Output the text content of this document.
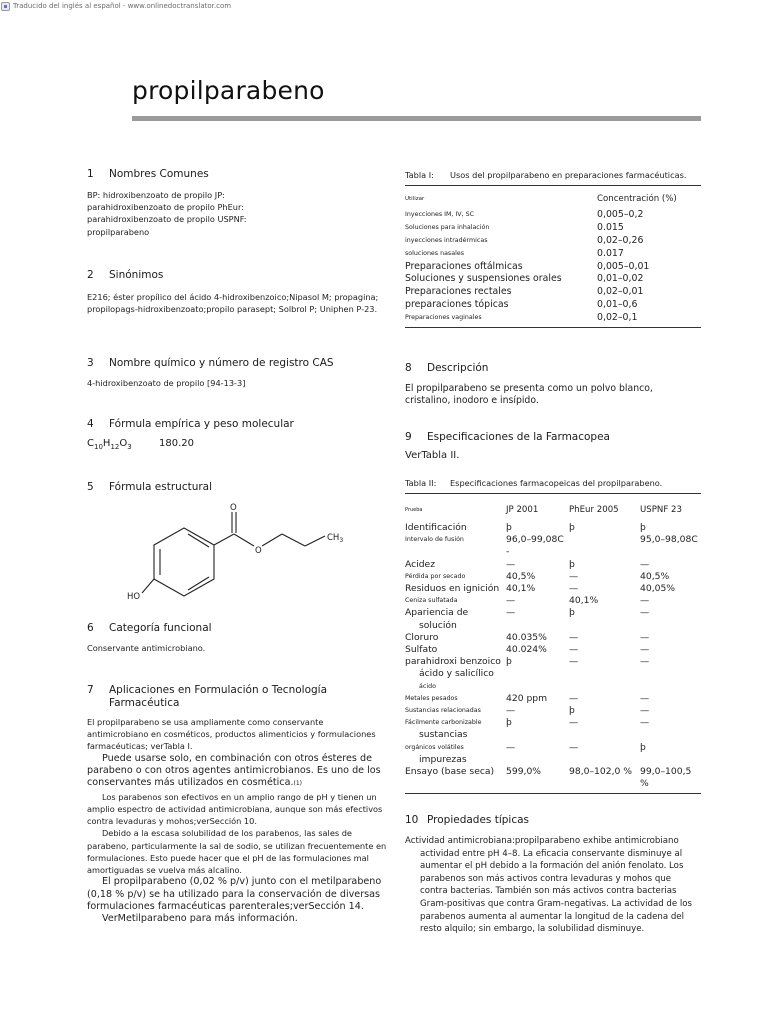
Traducido del inglés al español - www.onlinedoctranslator.com
propilparabeno
1	Nombres Comunes

BP: hidroxibenzoato de propilo JP: parahidroxibenzoato de propilo PhEur: parahidroxibenzoato de propilo USPNF: propilparabeno

2	Sinónimos

E216; éster propílico del ácido 4-hidroxibenzoico;Nipasol M; propagina; propilopags-hidroxibenzoato;propilo parasept; Solbrol P; Uniphen P-23.

3	Nombre químico y número de registro CAS

4-hidroxibenzoato de propilo [94-13-3]

4	Fórmula empírica y peso molecular
$C_{10}H_{12}O_3$	180.20
5	Fórmula estructural
O
O
$CH_3$
HO
6	Categoría funcional

Conservante antimicrobiano.

7	Aplicaciones en Formulación o Tecnología Farmacéutica

El propilparabeno se usa ampliamente como conservante antimicrobiano en cosméticos, productos alimenticios y formulaciones farmacéuticas; verTabla I.

Puede usarse solo, en combinación con otros ésteres de parabeno o con otros agentes antimicrobianos. Es uno de los conservantes más utilizados en cosmética.(1)

Los parabenos son efectivos en un amplio rango de pH y tienen un amplio espectro de actividad antimicrobiana, aunque son más efectivos contra levaduras y mohos;verSección 10.

Debido a la escasa solubilidad de los parabenos, las sales de parabeno, particularmente la sal de sodio, se utilizan frecuentemente en formulaciones. Esto puede hacer que el pH de las formulaciones mal amortiguadas se vuelva más alcalino.

El propilparabeno (0,02 % p/v) junto con el metilparabeno (0,18 % p/v) se ha utilizado para la conservación de diversas formulaciones farmacéuticas parenterales;verSección 14.

VerMetilparabeno para más información.

Tabla I:	Usos del propilparabeno en preparaciones farmacéuticas.
Utilizar	Concentración (%)
Inyecciones IM, IV, SC	0,005–0,2
Soluciones para inhalación	0.015
inyecciones intradérmicas	0,02–0,26
soluciones nasales	0.017
Preparaciones oftálmicas	0,005–0,01
Soluciones y suspensiones orales	0,01–0,02
Preparaciones rectales	0,02–0,01
preparaciones tópicas	0,01–0,6
Preparaciones vaginales	0,02–0,1
8	Descripción

El propilparabeno se presenta como un polvo blanco, cristalino, inodoro e insípido.

9	Especificaciones de la Farmacopea

VerTabla II.

Tabla II:	Especificaciones farmacopeicas del propilparabeno.
Prueba	JP 2001	PhEur 2005	USPNF 23

Identificación	þ	þ	þ

Intervalo de fusión	96,0–99,08C -		95,0–98,08C

Acidez	—	þ	—

Pérdida por secado	40,5%	—	40,5%

Residuos en ignición	40,1%	—	40,05%

Ceniza sulfatada	—	40,1%	—

Apariencia de
solución	—	þ	—

Cloruro	40.035%	—	—

Sulfato	40.024%	—	—

parahidroxi benzoico
ácido y salicílico
ácido	þ	—	—

Metales pesados	420 ppm	—	—

Sustancias relacionadas	—	þ	—

Fácilmente carbonizable
sustancias	þ	—	—

orgánicos volátiles
impurezas	—	—	þ

Ensayo (base seca)	599,0%	98,0–102,0 %	99,0–100,5 %
10 Propiedades típicas

Actividad antimicrobiana:propilparabeno exhibe antimicrobiano actividad entre pH 4–8. La eficacia conservante disminuye al aumentar el pH debido a la formación del anión fenolato. Los parabenos son más activos contra levaduras y mohos que contra bacterias. También son más activos contra bacterias Gram-positivas que contra Gram-negativas. La actividad de los parabenos aumenta al aumentar la longitud de la cadena del resto alquilo; sin embargo, la solubilidad disminuye.
